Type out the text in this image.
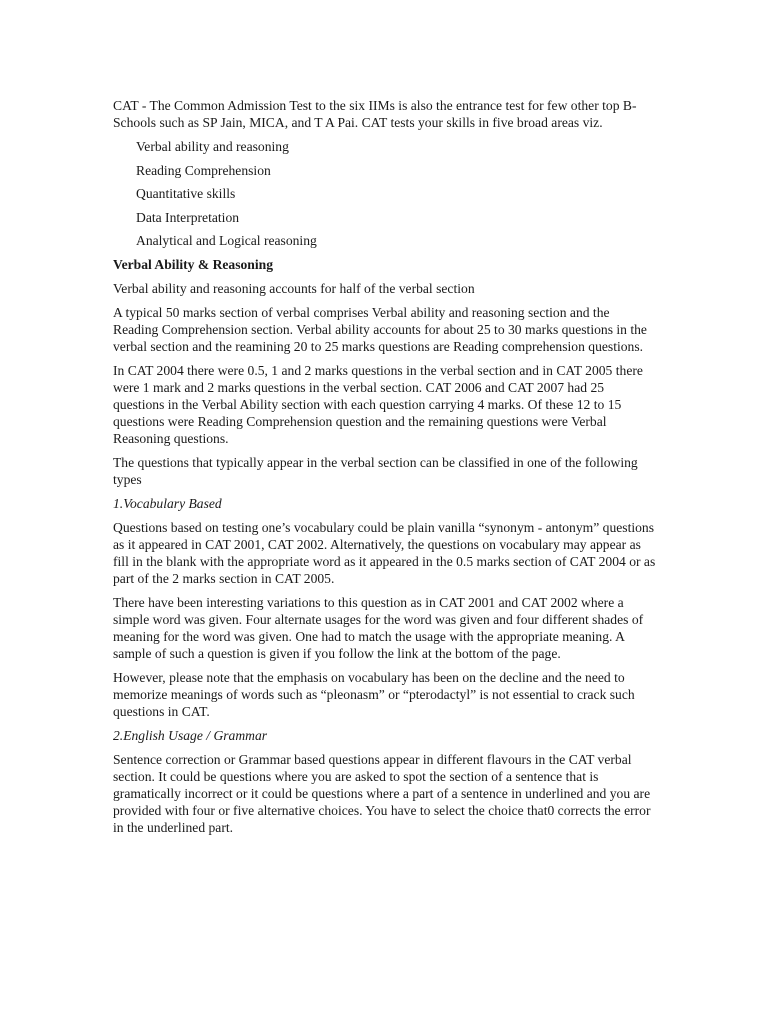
CAT - The Common Admission Test to the six IIMs is also the entrance test for few other top B-Schools such as SP Jain, MICA, and T A Pai. CAT tests your skills in five broad areas viz.

Verbal ability and reasoning
Reading Comprehension
Quantitative skills
Data Interpretation
Analytical and Logical reasoning
Verbal Ability & Reasoning

Verbal ability and reasoning accounts for half of the verbal section

A typical 50 marks section of verbal comprises Verbal ability and reasoning section and the Reading Comprehension section. Verbal ability accounts for about 25 to 30 marks questions in the verbal section and the reamining 20 to 25 marks questions are Reading comprehension questions.

In CAT 2004 there were 0.5, 1 and 2 marks questions in the verbal section and in CAT 2005 there were 1 mark and 2 marks questions in the verbal section. CAT 2006 and CAT 2007 had 25 questions in the Verbal Ability section with each question carrying 4 marks. Of these 12 to 15 questions were Reading Comprehension question and the remaining questions were Verbal Reasoning questions.

The questions that typically appear in the verbal section can be classified in one of the following types

1.Vocabulary Based

Questions based on testing one’s vocabulary could be plain vanilla “synonym - antonym” questions as it appeared in CAT 2001, CAT 2002. Alternatively, the questions on vocabulary may appear as fill in the blank with the appropriate word as it appeared in the 0.5 marks section of CAT 2004 or as part of the 2 marks section in CAT 2005.

There have been interesting variations to this question as in CAT 2001 and CAT 2002 where a simple word was given. Four alternate usages for the word was given and four different shades of meaning for the word was given. One had to match the usage with the appropriate meaning. A sample of such a question is given if you follow the link at the bottom of the page.

However, please note that the emphasis on vocabulary has been on the decline and the need to memorize meanings of words such as “pleonasm” or “pterodactyl” is not essential to crack such questions in CAT.

2.English Usage / Grammar

Sentence correction or Grammar based questions appear in different flavours in the CAT verbal section. It could be questions where you are asked to spot the section of a sentence that is gramatically incorrect or it could be questions where a part of a sentence in underlined and you are provided with four or five alternative choices. You have to select the choice that0 corrects the error in the underlined part.
